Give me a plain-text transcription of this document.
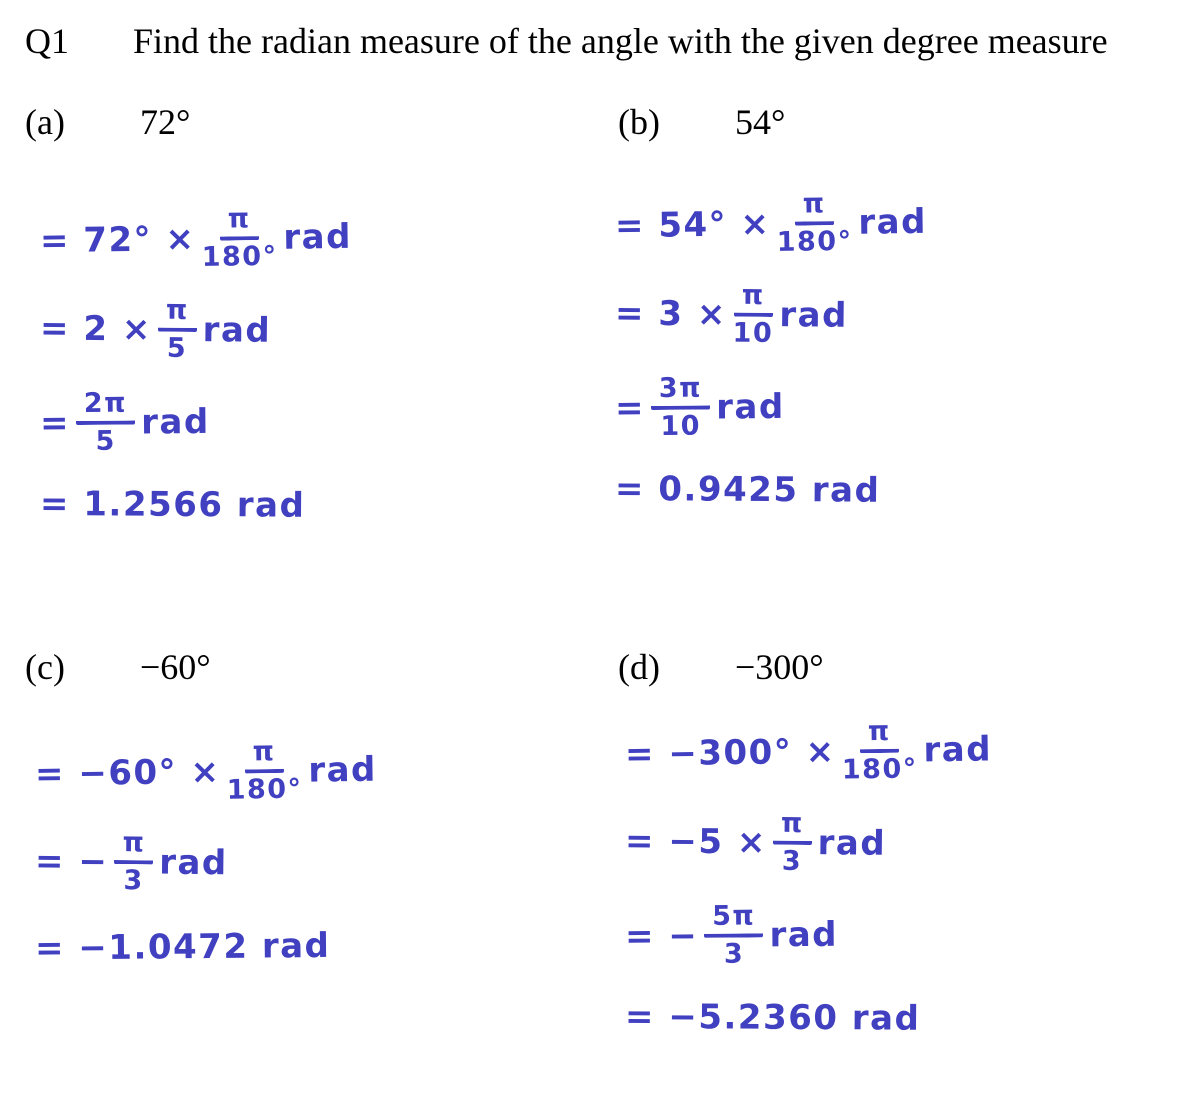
Q1 Find the radian measure of the angle with the given degree measure
(a) 72°	(b) 54°
(c) −60°	(d) −300°
= $72^\circ \times \frac{\pi}{180^\circ}$ rad
= $2 \times \frac{\pi}{5}$ rad
= $\frac{2\pi}{5}$ rad
= 1.2566 rad
= $54^\circ \times \frac{\pi}{180^\circ}$ rad
= $3 \times \frac{\pi}{10}$ rad
= $\frac{3\pi}{10}$ rad
= 0.9425 rad
= $-60^\circ \times \frac{\pi}{180^\circ}$ rad
= − $\frac{\pi}{3}$ rad
= −1.0472 rad
= $-300^\circ \times \frac{\pi}{180^\circ}$ rad
= $-5 \times \frac{\pi}{3}$ rad
= − $\frac{5\pi}{3}$ rad
= −5.2360 rad
